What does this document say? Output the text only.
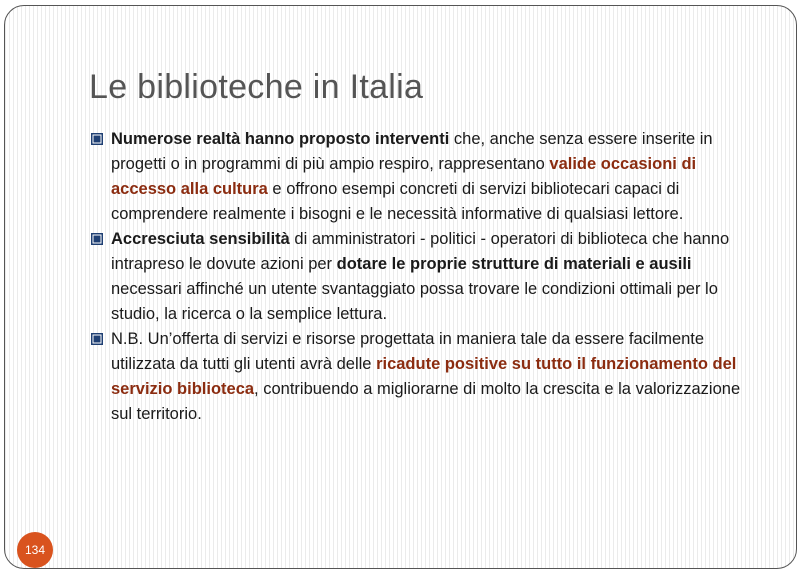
Le biblioteche in Italia
Numerose realtà hanno proposto interventi che, anche senza essere inserite in progetti o in programmi di più ampio respiro, rappresentano valide occasioni di accesso alla cultura e offrono esempi concreti di servizi bibliotecari capaci di comprendere realmente i bisogni e le necessità informative di qualsiasi lettore.
Accresciuta sensibilità di amministratori - politici - operatori di biblioteca che hanno intrapreso le dovute azioni per dotare le proprie strutture di materiali e ausili necessari affinché un utente svantaggiato possa trovare le condizioni ottimali per lo studio, la ricerca o la semplice lettura.
N.B. Un’offerta di servizi e risorse progettata in maniera tale da essere facilmente utilizzata da tutti gli utenti avrà delle ricadute positive su tutto il funzionamento del servizio biblioteca, contribuendo a migliorarne di molto la crescita e la valorizzazione sul territorio.
134
